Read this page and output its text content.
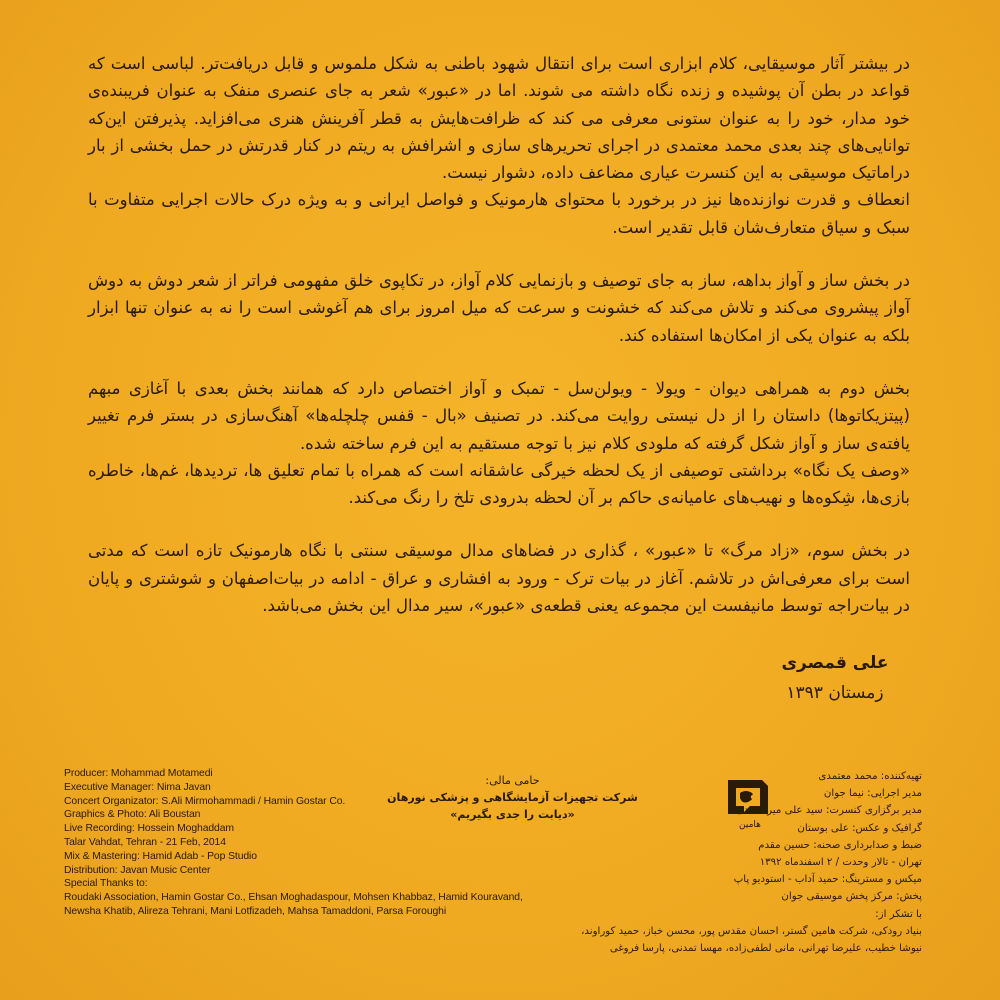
در بیشتر آثار موسیقایی، کلام ابزاری است برای انتقال شهود باطنی به شکل ملموس و قابل دریافت‌تر. لباسی است که قواعد در بطن آن پوشیده و زنده نگاه داشته می شوند. اما در «عبور» شعر به جای عنصری منفک به عنوان فریبنده‌ی خود مدار، خود را به عنوان ستونی معرفی می کند که ظرافت‌هایش به قطر آفرینش هنری می‌افزاید. پذیرفتن این‌که توانایی‌های چند بعدی محمد معتمدی در اجرای تحریرهای سازی و اشرافش به ریتم در کنار قدرتش در حمل بخشی از بار دراماتیک موسیقی به این کنسرت عیاری مضاعف داده، دشوار نیست.

انعطاف و قدرت نوازنده‌ها نیز در برخورد با محتوای هارمونیک و فواصل ایرانی و به ویژه درک حالات اجرایی متفاوت با سبک و سیاق متعارف‌شان قابل تقدیر است.

در بخش ساز و آواز بداهه، ساز به جای توصیف و بازنمایی کلام آواز، در تکاپوی خلق مفهومی فراتر از شعر دوش به دوش آواز پیشروی می‌کند و تلاش می‌کند که خشونت و سرعت که میل امروز برای هم آغوشی است را نه به عنوان تنها ابزار بلکه به عنوان یکی از امکان‌ها استفاده کند.

بخش دوم به همراهی دیوان - ویولا - ویولن‌سل - تمبک و آواز اختصاص دارد که همانند بخش بعدی با آغازی مبهم (پیتزیکاتوها) داستان را از دل نیستی روایت می‌کند. در تصنیف «بال - قفس چلچله‌ها» آهنگ‌سازی در بستر فرم تغییر یافته‌ی ساز و آواز شکل گرفته که ملودی کلام نیز با توجه مستقیم به این فرم ساخته شده.

«وصف یک نگاه» برداشتی توصیفی از یک لحظه خیرگی عاشقانه است که همراه با تمام تعلیق ها، تردیدها، غم‌ها، خاطره بازی‌ها، شِکوه‌ها و نهیب‌های عامیانه‌ی حاکم بر آن لحظه بدرودی تلخ را رنگ می‌کند.

در بخش سوم، «زاد مرگ» تا «عبور» ، گذاری در فضاهای مدال موسیقی سنتی با نگاه هارمونیک تازه است که مدتی است برای معرفی‌اش در تلاشم. آغاز در بیات ترک - ورود به افشاری و عراق - ادامه در بیات‌اصفهان و شوشتری و پایان در بیات‌راجه توسط مانیفست این مجموعه یعنی قطعه‌ی «عبور»، سیر مدال این بخش می‌باشد.

علی قمصری
زمستان ۱۳۹۳
Producer: Mohammad Motamedi
Executive Manager: Nima Javan
Concert Organizator: S.Ali Mirmohammadi / Hamin Gostar Co.
Graphics & Photo: Ali Boustan
Live Recording: Hossein Moghaddam
Talar Vahdat, Tehran - 21 Feb, 2014
Mix & Mastering: Hamid Adab - Pop Studio
Distribution: Javan Music Center
Special Thanks to:
Roudaki Association, Hamin Gostar Co., Ehsan Moghadaspour, Mohsen Khabbaz, Hamid Kouravand,
Newsha Khatib, Alireza Tehrani, Mani Lotfizadeh, Mahsa Tamaddoni, Parsa Foroughi
حامی مالی:
شرکت تجهیزات آزمایشگاهی و پزشکی نورهان
«دیابت را جدی بگیریم»
هامین
تهیه‌کننده: محمد معتمدی
مدیر اجرایی: نیما جوان
مدیر برگزاری کنسرت: سید علی میرمحمدی
گرافیک و عکس: علی بوستان
ضبط و صدابرداری صحنه: حسین مقدم
تهران - تالار وحدت / ۲ اسفندماه ۱۳۹۲
میکس و مسترینگ: حمید آداب - استودیو پاپ
پخش: مرکز پخش موسیقی جوان
با تشکر از:
بنیاد رودکی، شرکت هامین گستر، احسان مقدس پور، محسن خباز، حمید کوراوند،
نیوشا خطیب، علیرضا تهرانی، مانی لطفی‌زاده، مهسا تمدنی، پارسا فروغی
